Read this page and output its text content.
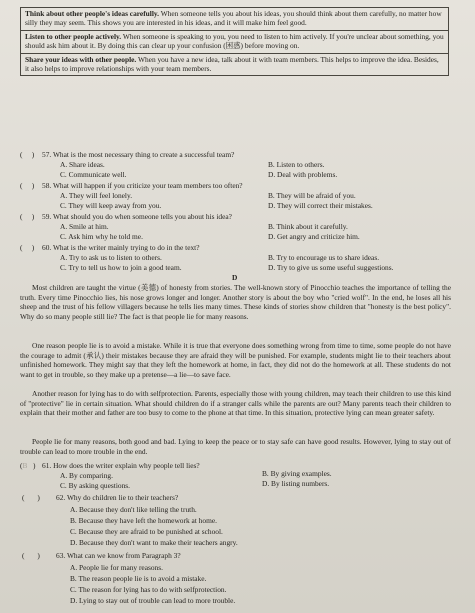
Think about other people's ideas carefully. When someone tells you about his ideas, you should think about them carefully, no matter how silly they may seem. This shows you are interested in his ideas, and it will make him feel good.
Listen to other people actively. When someone is speaking to you, you need to listen to him actively. If you're unclear about something, you should ask him about it. By doing this can clear up your confusion (困惑) before moving on.
Share your ideas with other people. When you have a new idea, talk about it with team members. This helps to improve the idea. Besides, it also helps to improve relationships with your team members.
( ) 57. What is the most necessary thing to create a successful team?
A. Share ideas.	B. Listen to others.
C. Communicate well.	D. Deal with problems.
( ) 58. What will happen if you criticize your team members too often?
A. They will feel lonely.	B. They will be afraid of you.
C. They will keep away from you.	D. They will correct their mistakes.
( ) 59. What should you do when someone tells you about his idea?
A. Smile at him.	B. Think about it carefully.
C. Ask him why he told me.	D. Get angry and criticize him.
( ) 60. What is the writer mainly trying to do in the text?
A. Try to ask us to listen to others.	B. Try to encourage us to share ideas.
C. Try to tell us how to join a good team.	D. Try to give us some useful suggestions.
D
Most children are taught the virtue (美德) of honesty from stories. The well-known story of Pinocchio teaches the importance of telling the truth. Every time Pinocchio lies, his nose grows longer and longer. Another story is about the boy who "cried wolf". In the end, he loses all his sheep and the trust of his fellow villagers because he tells lies many times. These kinds of stories show children that "honesty is the best policy". Why do so many people still lie? The fact is that people lie for many reasons.
One reason people lie is to avoid a mistake. While it is true that everyone does something wrong from time to time, some people do not have the courage to admit (承认) their mistakes because they are afraid they will be punished. For example, students might lie to their teachers about unfinished homework. They might say that they left the homework at home, in fact, they did not do the homework at all. These students do not want to get in trouble, so they make up a pretense—a lie—to save face.
Another reason for lying has to do with selfprotection. Parents, especially those with young children, may teach their children to use this kind of "protective" lie in certain situation. What should children do if a stranger calls while the parents are out? Many parents teach their children to explain that their mother and father are too busy to come to the phone at that time. In this situation, protective lying can mean greater safety.
People lie for many reasons, both good and bad. Lying to keep the peace or to stay safe can have good results. However, lying to stay out of trouble can lead to more trouble in the end.
(B ) 61. How does the writer explain why people tell lies?
A. By comparing.	B. By giving examples.
C. By asking questions.	D. By listing numbers.
( ) 62. Why do children lie to their teachers?
A. Because they don't like telling the truth.
B. Because they have left the homework at home.
C. Because they are afraid to be punished at school.
D. Because they don't want to make their teachers angry.
( ) 63. What can we know from Paragraph 3?
A. People lie for many reasons.
B. The reason people lie is to avoid a mistake.
C. The reason for lying has to do with selfprotection.
D. Lying to stay out of trouble can lead to more trouble.
